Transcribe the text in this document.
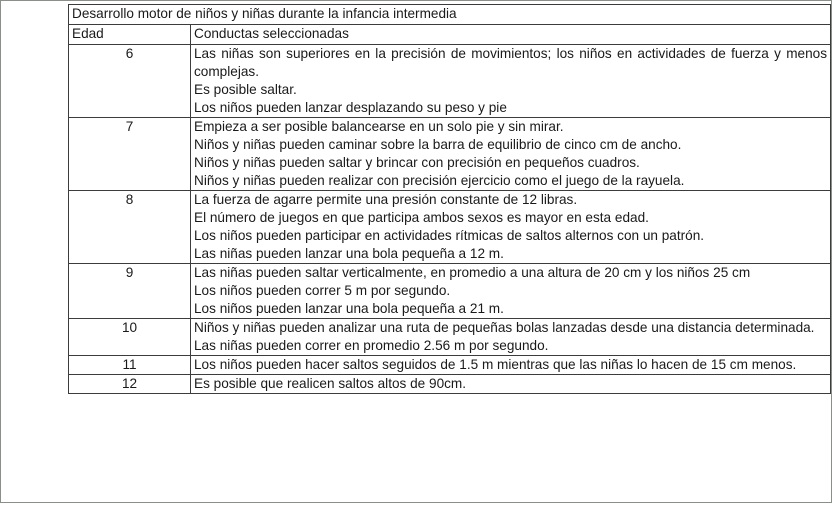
Desarrollo motor de niños y niñas durante la infancia intermedia	
Edad	Conductas seleccionadas
6	Las niñas son superiores en la precisión de movimientos; los niños en actividades de fuerza y menos complejas.
Es posible saltar.
Los niños pueden lanzar desplazando su peso y pie

7	Empieza a ser posible balancearse en un solo pie y sin mirar.
Niños y niñas pueden caminar sobre la barra de equilibrio de cinco cm de ancho.
Niños y niñas pueden saltar y brincar con precisión en pequeños cuadros.
Niños y niñas pueden realizar con precisión ejercicio como el juego de la rayuela.

8	La fuerza de agarre permite una presión constante de 12 libras.
El número de juegos en que participa ambos sexos es mayor en esta edad.
Los niños pueden participar en actividades rítmicas de saltos alternos con un patrón.
Las niñas pueden lanzar una bola pequeña a 12 m.

9	Las niñas pueden saltar verticalmente, en promedio a una altura de 20 cm y los niños 25 cm
Los niños pueden correr 5 m por segundo.
Los niños pueden lanzar una bola pequeña a 21 m.

10	Niños y niñas pueden analizar una ruta de pequeñas bolas lanzadas desde una distancia determinada.
Las niñas pueden correr en promedio 2.56 m por segundo.

11	Los niños pueden hacer saltos seguidos de 1.5 m mientras que las niñas lo hacen de 15 cm menos.

12	Es posible que realicen saltos altos de 90cm.
